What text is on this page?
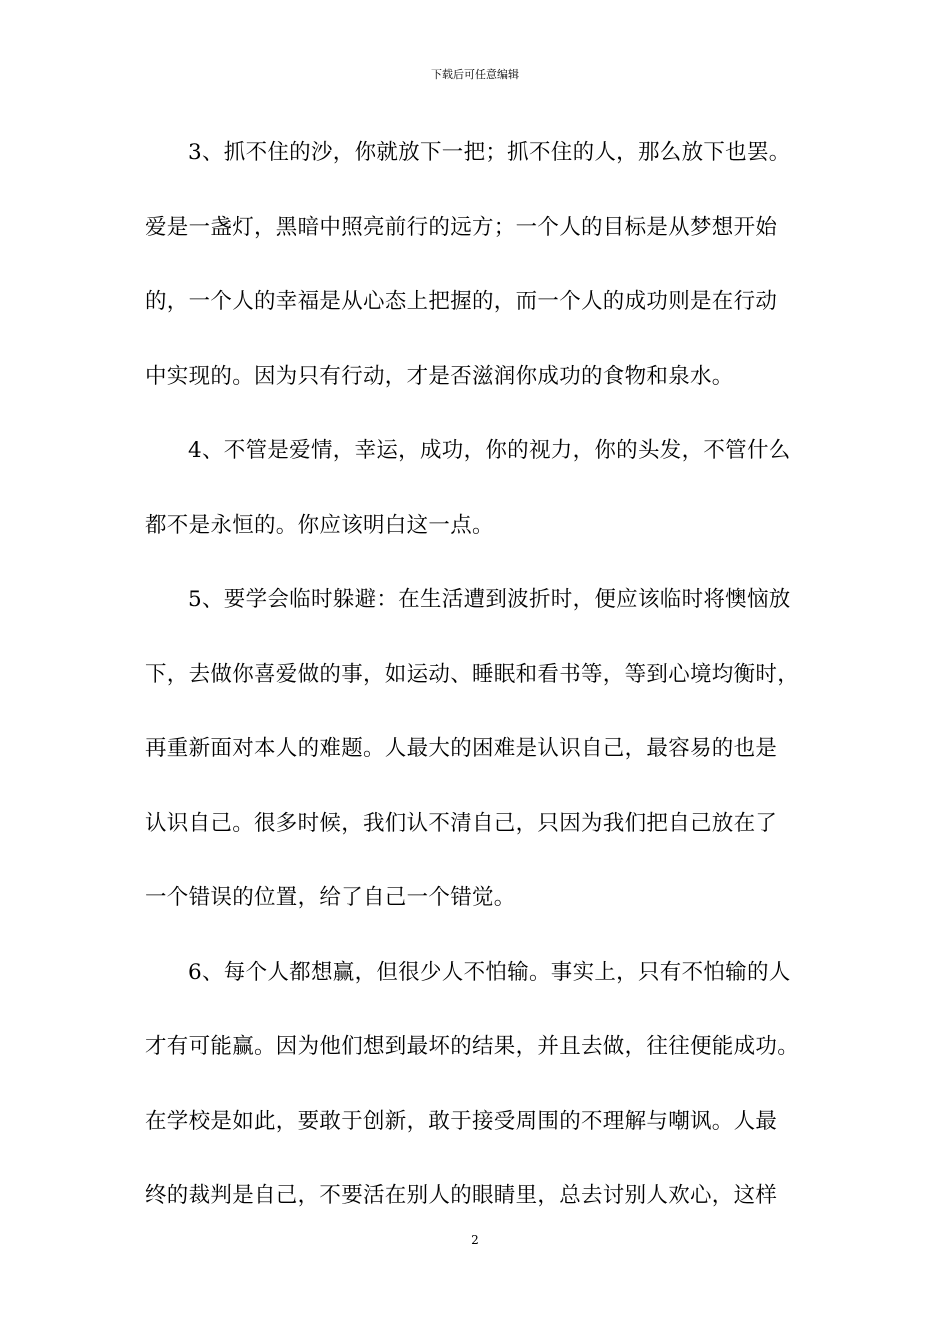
下载后可任意编辑
3、抓不住的沙，你就放下一把；抓不住的人，那么放下也罢。
爱是一盏灯，黑暗中照亮前行的远方；一个人的目标是从梦想开始
的，一个人的幸福是从心态上把握的，而一个人的成功则是在行动
中实现的。因为只有行动，才是否滋润你成功的食物和泉水。
4、不管是爱情，幸运，成功，你的视力，你的头发，不管什么
都不是永恒的。你应该明白这一点。
5、要学会临时躲避：在生活遭到波折时，便应该临时将懊恼放
下，去做你喜爱做的事，如运动、睡眠和看书等，等到心境均衡时，
再重新面对本人的难题。人最大的困难是认识自己，最容易的也是
认识自己。很多时候，我们认不清自己，只因为我们把自己放在了
一个错误的位置，给了自己一个错觉。
6、每个人都想赢，但很少人不怕输。事实上，只有不怕输的人
才有可能赢。因为他们想到最坏的结果，并且去做，往往便能成功。
在学校是如此，要敢于创新，敢于接受周围的不理解与嘲讽。人最
终的裁判是自己，不要活在别人的眼睛里，总去讨别人欢心，这样
2
